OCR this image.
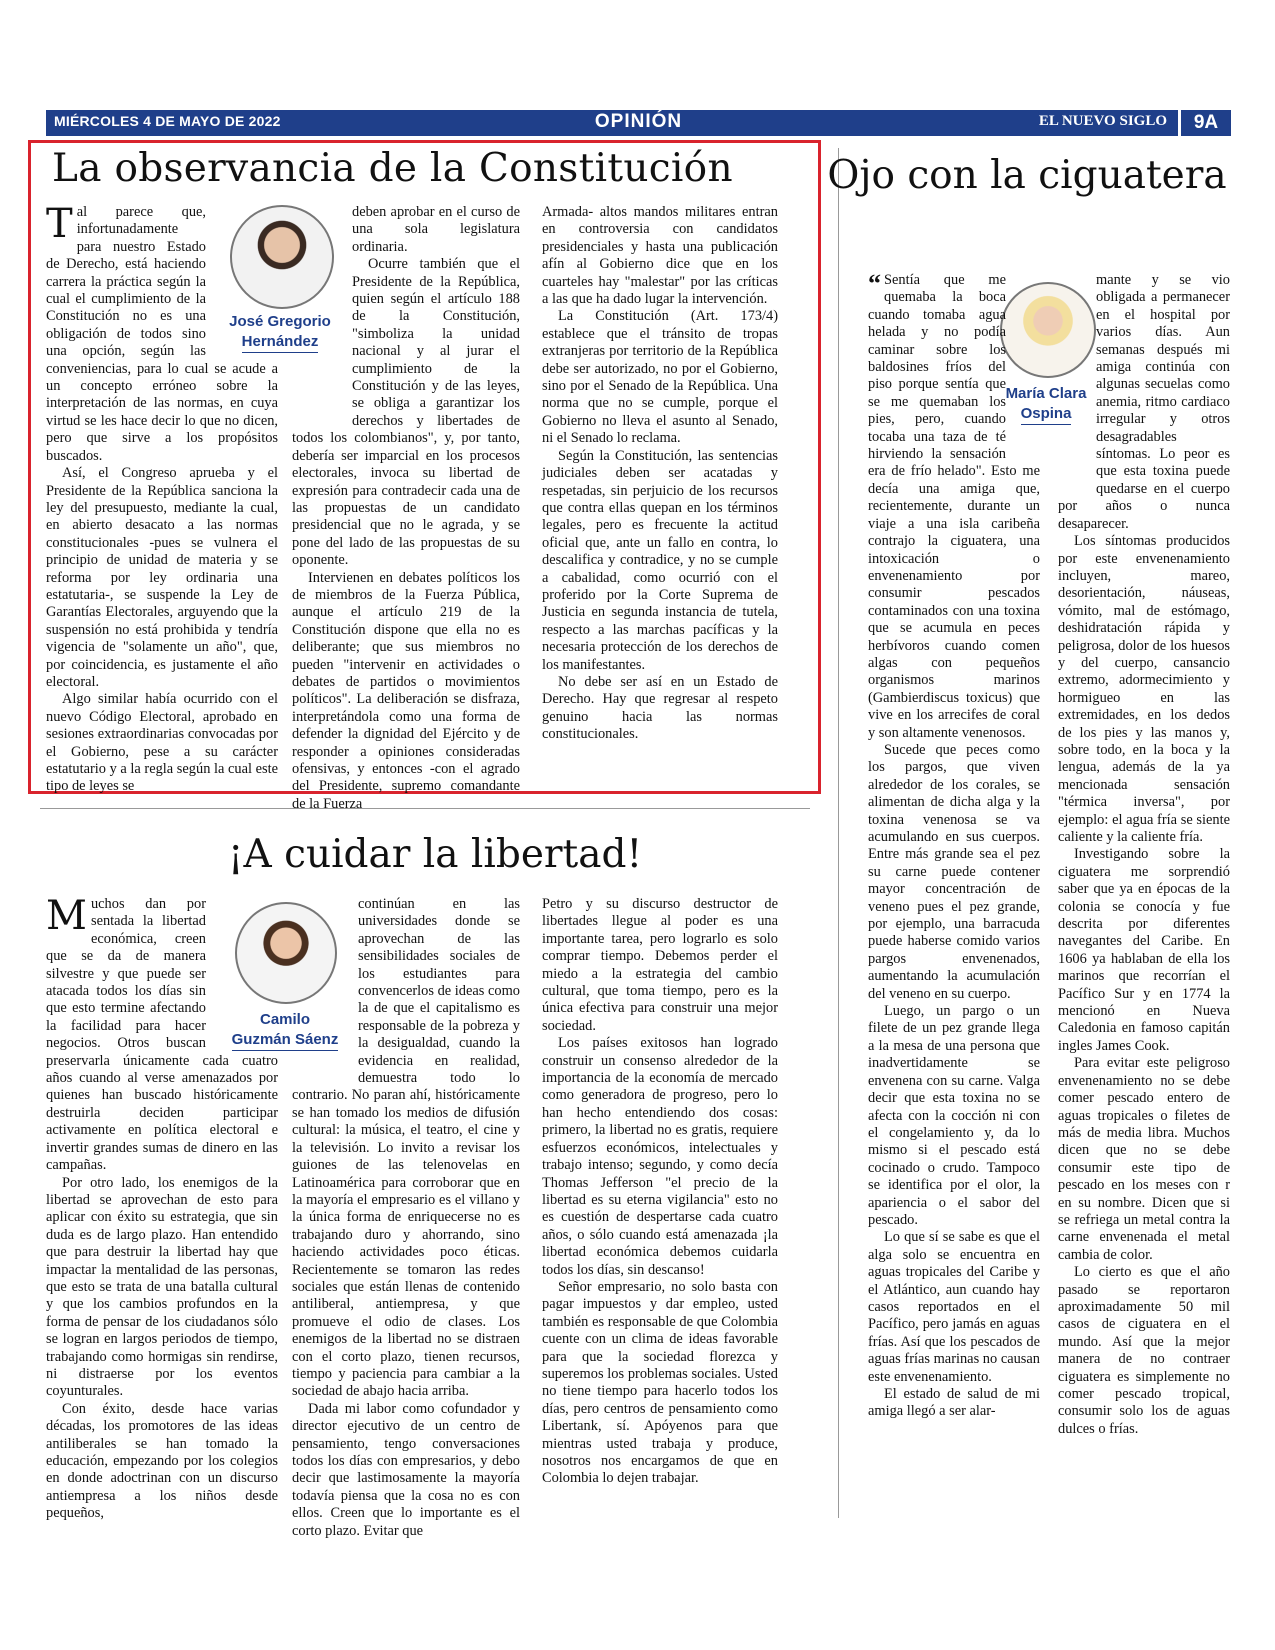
MIÉRCOLES 4 DE MAYO DE 2022	OPINIÓN	EL NUEVO SIGLO	9A
La observancia de la Constitución
José Gregorio
Hernández

Tal parece que, infortunadamente para nuestro Estado de Derecho, está haciendo carrera la práctica según la cual el cumplimiento de la Constitución no es una obligación de todos sino una opción, según las conveniencias, para lo cual se acude a un concepto erróneo sobre la interpretación de las normas, en cuya virtud se les hace decir lo que no dicen, pero que sirve a los propósitos buscados.

Así, el Congreso aprueba y el Presidente de la República sanciona la ley del presupuesto, mediante la cual, en abierto desacato a las normas constitucionales -pues se vulnera el principio de unidad de materia y se reforma por ley ordinaria una estatutaria-, se suspende la Ley de Garantías Electorales, arguyendo que la suspensión no está prohibida y tendría vigencia de "solamente un año", que, por coincidencia, es justamente el año electoral.

Algo similar había ocurrido con el nuevo Código Electoral, aprobado en sesiones extraordinarias convocadas por el Gobierno, pese a su carácter estatutario y a la regla según la cual este tipo de leyes se

deben aprobar en el curso de una sola legislatura ordinaria.

Ocurre también que el Presidente de la República, quien según el artículo 188 de la Constitución, "simboliza la unidad nacional y al jurar el cumplimiento de la Constitución y de las leyes, se obliga a garantizar los derechos y libertades de todos los colombianos", y, por tanto, debería ser imparcial en los procesos electorales, invoca su libertad de expresión para contradecir cada una de las propuestas de un candidato presidencial que no le agrada, y se pone del lado de las propuestas de su oponente.

Intervienen en debates políticos los de miembros de la Fuerza Pública, aunque el artículo 219 de la Constitución dispone que ella no es deliberante; que sus miembros no pueden "intervenir en actividades o debates de partidos o movimientos políticos". La deliberación se disfraza, interpretándola como una forma de defender la dignidad del Ejército y de responder a opiniones consideradas ofensivas, y entonces -con el agrado del Presidente, supremo comandante de la Fuerza

Armada- altos mandos militares entran en controversia con candidatos presidenciales y hasta una publicación afín al Gobierno dice que en los cuarteles hay "malestar" por las críticas a las que ha dado lugar la intervención.

La Constitución (Art. 173/4) establece que el tránsito de tropas extranjeras por territorio de la República debe ser autorizado, no por el Gobierno, sino por el Senado de la República. Una norma que no se cumple, porque el Gobierno no lleva el asunto al Senado, ni el Senado lo reclama.

Según la Constitución, las sentencias judiciales deben ser acatadas y respetadas, sin perjuicio de los recursos que contra ellas quepan en los términos legales, pero es frecuente la actitud oficial que, ante un fallo en contra, lo descalifica y contradice, y no se cumple a cabalidad, como ocurrió con el proferido por la Corte Suprema de Justicia en segunda instancia de tutela, respecto a las marchas pacíficas y la necesaria protección de los derechos de los manifestantes.

No debe ser así en un Estado de Derecho. Hay que regresar al respeto genuino hacia las normas constitucionales.

Ojo con la ciguatera
María Clara
Ospina

“ Sentía que me quemaba la boca cuando tomaba agua helada y no podía caminar sobre los baldosines fríos del piso porque sentía que se me quemaban los pies, pero, cuando tocaba una taza de té hirviendo la sensación era de frío helado". Esto me decía una amiga que, recientemente, durante un viaje a una isla caribeña contrajo la ciguatera, una intoxicación o envenenamiento por consumir pescados contaminados con una toxina que se acumula en peces herbívoros cuando comen algas con pequeños organismos marinos (Gambierdiscus toxicus) que vive en los arrecifes de coral y son altamente venenosos.

Sucede que peces como los pargos, que viven alrededor de los corales, se alimentan de dicha alga y la toxina venenosa se va acumulando en sus cuerpos. Entre más grande sea el pez su carne puede contener mayor concentración de veneno pues el pez grande, por ejemplo, una barracuda puede haberse comido varios pargos envenenados, aumentando la acumulación del veneno en su cuerpo.

Luego, un pargo o un filete de un pez grande llega a la mesa de una persona que inadvertidamente se envenena con su carne. Valga decir que esta toxina no se afecta con la cocción ni con el congelamiento y, da lo mismo si el pescado está cocinado o crudo. Tampoco se identifica por el olor, la apariencia o el sabor del pescado.

Lo que sí se sabe es que el alga solo se encuentra en aguas tropicales del Caribe y el Atlántico, aun cuando hay casos reportados en el Pacífico, pero jamás en aguas frías. Así que los pescados de aguas frías marinas no causan este envenenamiento.

El estado de salud de mi amiga llegó a ser alar-

mante y se vio obligada a permanecer en el hospital por varios días. Aun semanas después mi amiga continúa con algunas secuelas como anemia, ritmo cardiaco irregular y otros desagradables síntomas. Lo peor es que esta toxina puede quedarse en el cuerpo por años o nunca desaparecer.

Los síntomas producidos por este envenenamiento incluyen, mareo, desorientación, náuseas, vómito, mal de estómago, deshidratación rápida y peligrosa, dolor de los huesos y del cuerpo, cansancio extremo, adormecimiento y hormigueo en las extremidades, en los dedos de los pies y las manos y, sobre todo, en la boca y la lengua, además de la ya mencionada sensación "térmica inversa", por ejemplo: el agua fría se siente caliente y la caliente fría.

Investigando sobre la ciguatera me sorprendió saber que ya en épocas de la colonia se conocía y fue descrita por diferentes navegantes del Caribe. En 1606 ya hablaban de ella los marinos que recorrían el Pacífico Sur y en 1774 la mencionó en Nueva Caledonia en famoso capitán ingles James Cook.

Para evitar este peligroso envenenamiento no se debe comer pescado entero de aguas tropicales o filetes de más de media libra. Muchos dicen que no se debe consumir este tipo de pescado en los meses con r en su nombre. Dicen que si se refriega un metal contra la carne envenenada el metal cambia de color.

Lo cierto es que el año pasado se reportaron aproximadamente 50 mil casos de ciguatera en el mundo. Así que la mejor manera de no contraer ciguatera es simplemente no comer pescado tropical, consumir solo los de aguas dulces o frías.

¡A cuidar la libertad!
Camilo
Guzmán Sáenz

Muchos dan por sentada la libertad económica, creen que se da de manera silvestre y que puede ser atacada todos los días sin que esto termine afectando la facilidad para hacer negocios. Otros buscan preservarla únicamente cada cuatro años cuando al verse amenazados por quienes han buscado históricamente destruirla deciden participar activamente en política electoral e invertir grandes sumas de dinero en las campañas.

Por otro lado, los enemigos de la libertad se aprovechan de esto para aplicar con éxito su estrategia, que sin duda es de largo plazo. Han entendido que para destruir la libertad hay que impactar la mentalidad de las personas, que esto se trata de una batalla cultural y que los cambios profundos en la forma de pensar de los ciudadanos sólo se logran en largos periodos de tiempo, trabajando como hormigas sin rendirse, ni distraerse por los eventos coyunturales.

Con éxito, desde hace varias décadas, los promotores de las ideas antiliberales se han tomado la educación, empezando por los colegios en donde adoctrinan con un discurso antiempresa a los niños desde pequeños,

continúan en las universidades donde se aprovechan de las sensibilidades sociales de los estudiantes para convencerlos de ideas como la de que el capitalismo es responsable de la pobreza y la desigualdad, cuando la evidencia en realidad, demuestra todo lo contrario. No paran ahí, históricamente se han tomado los medios de difusión cultural: la música, el teatro, el cine y la televisión. Lo invito a revisar los guiones de las telenovelas en Latinoamérica para corroborar que en la mayoría el empresario es el villano y la única forma de enriquecerse no es trabajando duro y ahorrando, sino haciendo actividades poco éticas. Recientemente se tomaron las redes sociales que están llenas de contenido antiliberal, antiempresa, y que promueve el odio de clases. Los enemigos de la libertad no se distraen con el corto plazo, tienen recursos, tiempo y paciencia para cambiar a la sociedad de abajo hacia arriba.

Dada mi labor como cofundador y director ejecutivo de un centro de pensamiento, tengo conversaciones todos los días con empresarios, y debo decir que lastimosamente la mayoría todavía piensa que la cosa no es con ellos. Creen que lo importante es el corto plazo. Evitar que

Petro y su discurso destructor de libertades llegue al poder es una importante tarea, pero lograrlo es solo comprar tiempo. Debemos perder el miedo a la estrategia del cambio cultural, que toma tiempo, pero es la única efectiva para construir una mejor sociedad.

Los países exitosos han logrado construir un consenso alrededor de la importancia de la economía de mercado como generadora de progreso, pero lo han hecho entendiendo dos cosas: primero, la libertad no es gratis, requiere esfuerzos económicos, intelectuales y trabajo intenso; segundo, y como decía Thomas Jefferson "el precio de la libertad es su eterna vigilancia" esto no es cuestión de despertarse cada cuatro años, o sólo cuando está amenazada ¡la libertad económica debemos cuidarla todos los días, sin descanso!

Señor empresario, no solo basta con pagar impuestos y dar empleo, usted también es responsable de que Colombia cuente con un clima de ideas favorable para que la sociedad florezca y superemos los problemas sociales. Usted no tiene tiempo para hacerlo todos los días, pero centros de pensamiento como Libertank, sí. Apóyenos para que mientras usted trabaja y produce, nosotros nos encargamos de que en Colombia lo dejen trabajar.
